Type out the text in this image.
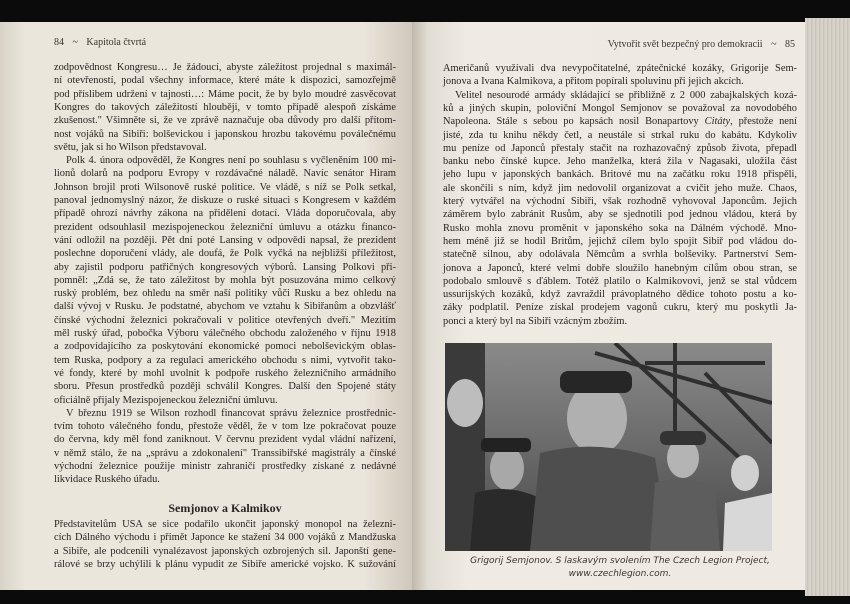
84 ~ Kapitola čtvrtá	Vytvořit svět bezpečný pro demokracii ~ 85
zodpovědnost Kongresu… Je žádoucí, abyste záležitost projednal s maximál-
ní otevřeností, podal všechny informace, které máte k dispozici, samozřejmě
pod příslibem udržení v tajnosti…: Máme pocit, že by bylo moudré zasvěcovat
Kongres do takových záležitostí hlouběji, v tomto případě alespoň získáme
zkušenost." Všimněte si, že ve zprávě naznačuje oba důvody pro další přítom-
nost vojáků na Sibiři: bolševickou i japonskou hrozbu takovému poválečnému
světu, jak si ho Wilson představoval.
Polk 4. února odpověděl, že Kongres není po souhlasu s vyčleněním 100 mi-
lionů dolarů na podporu Evropy v rozdávačné náladě. Navíc senátor Hiram
Johnson brojil proti Wilsonově ruské politice. Ve vládě, s níž se Polk setkal,
panoval jednomyslný názor, že diskuze o ruské situaci s Kongresem v každém
případě ohrozí návrhy zákona na přidělení dotací. Vláda doporučovala, aby
prezident odsouhlasil mezispojeneckou železniční úmluvu a otázku financo-
vání odložil na později. Pět dní poté Lansing v odpovědi napsal, že prezident
poslechne doporučení vlády, ale doufá, že Polk vyčká na nejbližší příležitost,
aby zajistil podporu patřičných kongresových výborů. Lansing Polkovi při-
pomněl: „Zdá se, že tato záležitost by mohla být posuzována mimo celkový
ruský problém, bez ohledu na směr naší politiky vůči Rusku a bez ohledu na
další vývoj v Rusku. Je podstatné, abychom ve vztahu k Sibiřanům a obzvlášť
čínské východní železnici pokračovali v politice otevřených dveří." Mezitím
měl ruský úřad, pobočka Výboru válečného obchodu založeného v říjnu 1918
a zodpovídajícího za poskytování ekonomické pomoci nebolševickým oblas-
tem Ruska, podpory a za regulaci amerického obchodu s nimi, vytvořit tako-
vé fondy, které by mohl uvolnit k podpoře ruského železničního armádního
sboru. Přesun prostředků později schválil Kongres. Další den Spojené státy
oficiálně přijaly Mezispojeneckou železniční úmluvu.
V březnu 1919 se Wilson rozhodl financovat správu železnice prostřednic-
tvím tohoto válečného fondu, přestože věděl, že v tom lze pokračovat pouze
do června, kdy měl fond zaniknout. V červnu prezident vydal vládní nařízení,
v němž stálo, že na „správu a zdokonalení" Transsibiřské magistrály a čínské
východní železnice použije ministr zahraničí prostředky získané z nedávné
likvidace Ruského úřadu.
Představitelům USA se sice podařilo ukončit japonský monopol na železni-
cích Dálného východu i přimět Japonce ke stažení 34 000 vojáků z Mandžuska
a Sibiře, ale podcenili vynalézavost japonských ozbrojených sil. Japonští gene-
rálové se brzy uchýlili k plánu vypudit ze Sibiře americké vojsko. K sužování
Semjonov a Kalmikov
Napoleona. Stále s sebou po kapsách nosil Bonapartovy Citáty, přestože není
Američanů využívali dva nevypočitatelné, zpátečnické kozáky, Grigorije Sem-
jonova a Ivana Kalmikova, a přitom popírali spoluvinu při jejich akcích.
Velitel nesourodé armády skládající se přibližně z 2 000 zabajkalských kozá-
ků a jiných skupin, poloviční Mongol Semjonov se považoval za novodobého
jisté, zda tu knihu někdy četl, a neustále si strkal ruku do kabátu. Kdykoliv
mu peníze od Japonců přestaly stačit na rozhazovačný způsob života, přepadl
banku nebo čínské kupce. Jeho manželka, která žila v Nagasaki, uložila část
jeho lupu v japonských bankách. Britové mu na začátku roku 1918 přispěli,
ale skončili s ním, když jim nedovolil organizovat a cvičit jeho muže. Chaos,
který vytvářel na východní Sibiři, však rozhodně vyhovoval Japoncům. Jejich
záměrem bylo zabránit Rusům, aby se sjednotili pod jednou vládou, která by
Rusko mohla znovu proměnit v japonského soka na Dálném východě. Mno-
hem méně již se hodil Britům, jejichž cílem bylo spojit Sibiř pod vládou do-
statečně silnou, aby odolávala Němcům a svrhla bolševiky. Partnerství Sem-
jonova a Japonců, které velmi dobře sloužilo hanebným cílům obou stran, se
podobalo smlouvě s ďáblem. Totéž platilo o Kalmikovovi, jenž se stal vůdcem
ussurijských kozáků, když zavraždil právoplatného dědice tohoto postu a ko-
záky podplatil. Peníze získal prodejem vagonů cukru, který mu poskytli Ja-
ponci a který byl na Sibiři vzácným zbožím.
Grigorij Semjonov. S laskavým svolením The Czech Legion Project,
www.czechlegion.com.
